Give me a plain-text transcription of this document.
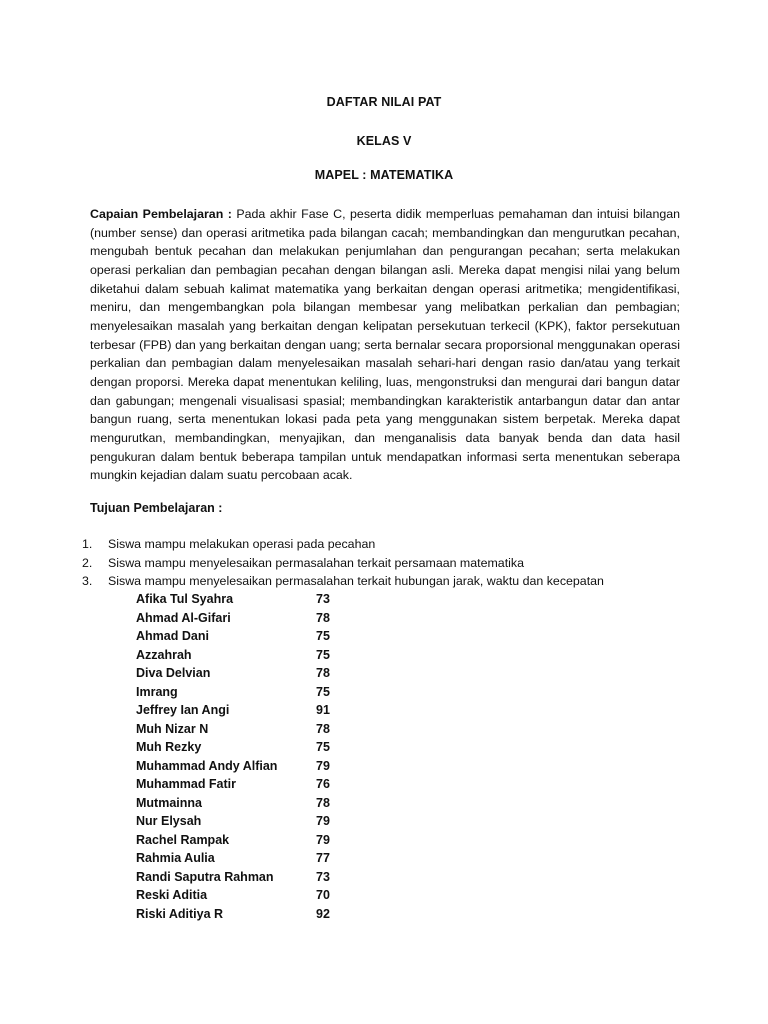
DAFTAR NILAI PAT
KELAS V
MAPEL : MATEMATIKA
Capaian Pembelajaran : Pada akhir Fase C, peserta didik memperluas pemahaman dan intuisi bilangan (number sense) dan operasi aritmetika pada bilangan cacah; membandingkan dan mengurutkan pecahan, mengubah bentuk pecahan dan melakukan penjumlahan dan pengurangan pecahan; serta melakukan operasi perkalian dan pembagian pecahan dengan bilangan asli. Mereka dapat mengisi nilai yang belum diketahui dalam sebuah kalimat matematika yang berkaitan dengan operasi aritmetika; mengidentifikasi, meniru, dan mengembangkan pola bilangan membesar yang melibatkan perkalian dan pembagian; menyelesaikan masalah yang berkaitan dengan kelipatan persekutuan terkecil (KPK), faktor persekutuan terbesar (FPB) dan yang berkaitan dengan uang; serta bernalar secara proporsional menggunakan operasi perkalian dan pembagian dalam menyelesaikan masalah sehari-hari dengan rasio dan/atau yang terkait dengan proporsi. Mereka dapat menentukan keliling, luas, mengonstruksi dan mengurai dari bangun datar dan gabungan; mengenali visualisasi spasial; membandingkan karakteristik antarbangun datar dan antar bangun ruang, serta menentukan lokasi pada peta yang menggunakan sistem berpetak. Mereka dapat mengurutkan, membandingkan, menyajikan, dan menganalisis data banyak benda dan data hasil pengukuran dalam bentuk beberapa tampilan untuk mendapatkan informasi serta menentukan seberapa mungkin kejadian dalam suatu percobaan acak.
Tujuan Pembelajaran :
1.	Siswa mampu melakukan operasi pada pecahan
2.	Siswa mampu menyelesaikan permasalahan terkait persamaan matematika
3.	Siswa mampu menyelesaikan permasalahan terkait hubungan jarak, waktu dan kecepatan
Afika Tul Syahra	73
Ahmad Al-Gifari	78
Ahmad Dani	75
Azzahrah	75
Diva Delvian	78
Imrang	75
Jeffrey Ian Angi	91
Muh Nizar N	78
Muh Rezky	75
Muhammad Andy Alfian	79
Muhammad Fatir	76
Mutmainna	78
Nur Elysah	79
Rachel Rampak	79
Rahmia Aulia	77
Randi Saputra Rahman	73
Reski Aditia	70
Riski Aditiya R	92
